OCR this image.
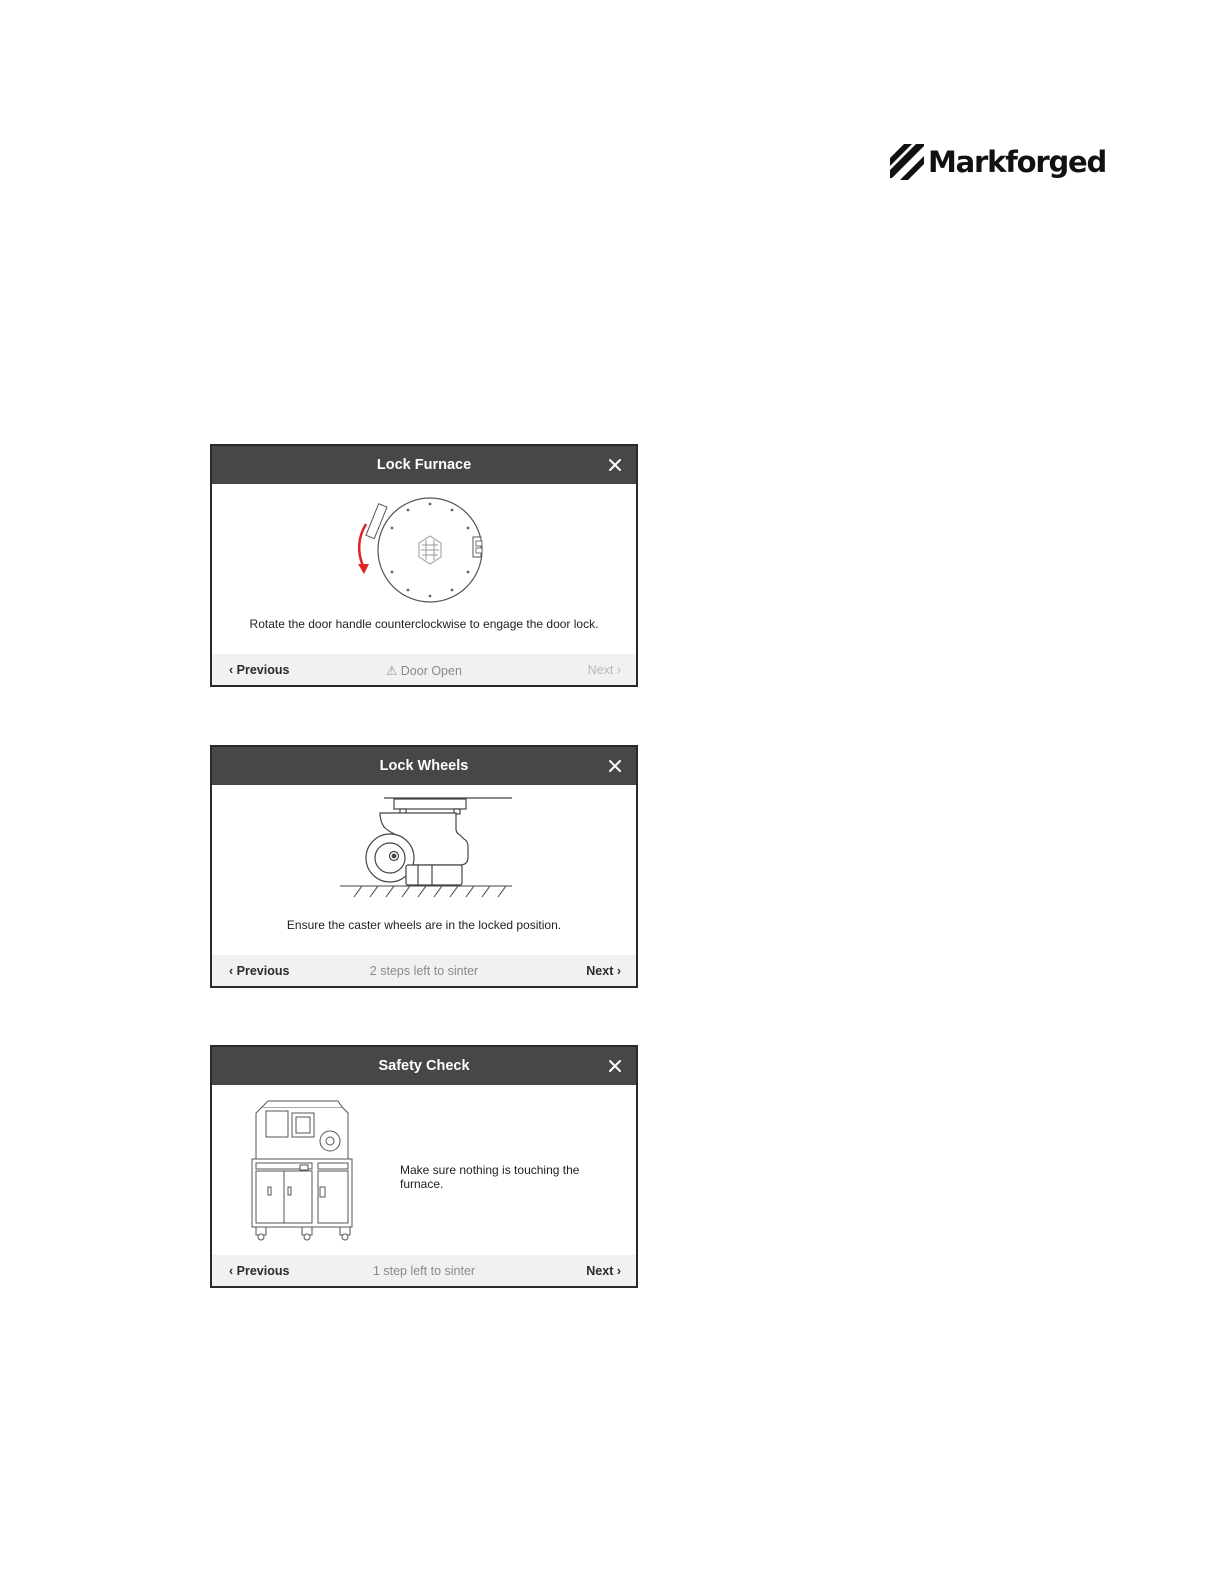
Markforged
Lock Furnace
Rotate the door handle counterclockwise to engage the door lock.
‹ Previous	⚠ Door Open	Next ›
Lock Wheels
Ensure the caster wheels are in the locked position.
‹ Previous	2 steps left to sinter	Next ›
Safety Check
Make sure nothing is touching the furnace.
‹ Previous	1 step left to sinter	Next ›
